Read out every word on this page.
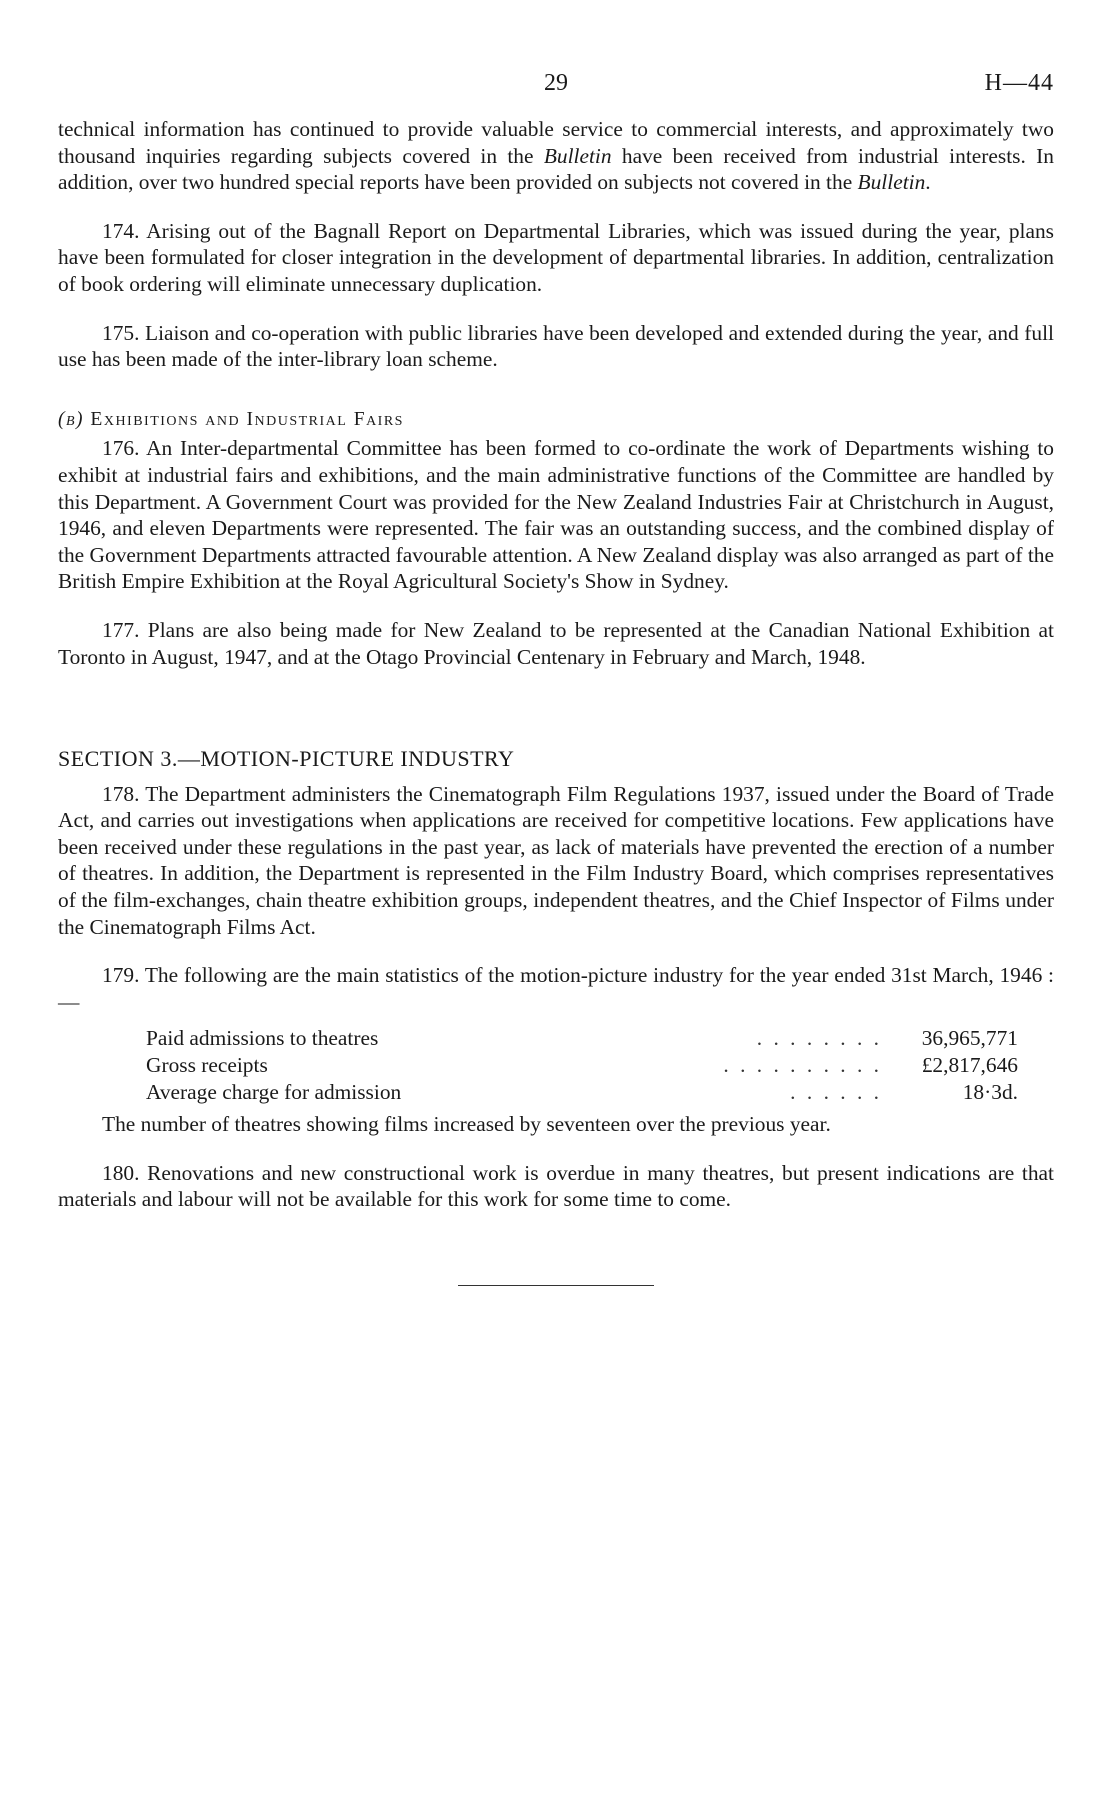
29	H—44

technical information has continued to provide valuable service to commercial interests, and approximately two thousand inquiries regarding subjects covered in the Bulletin have been received from industrial interests. In addition, over two hundred special reports have been provided on subjects not covered in the Bulletin.

174. Arising out of the Bagnall Report on Departmental Libraries, which was issued during the year, plans have been formulated for closer integration in the development of departmental libraries. In addition, centralization of book ordering will eliminate unnecessary duplication.

175. Liaison and co-operation with public libraries have been developed and extended during the year, and full use has been made of the inter-library loan scheme.

(b) Exhibitions and Industrial Fairs

176. An Inter-departmental Committee has been formed to co-ordinate the work of Departments wishing to exhibit at industrial fairs and exhibitions, and the main administrative functions of the Committee are handled by this Department. A Government Court was provided for the New Zealand Industries Fair at Christchurch in August, 1946, and eleven Departments were represented. The fair was an outstanding success, and the combined display of the Government Departments attracted favourable attention. A New Zealand display was also arranged as part of the British Empire Exhibition at the Royal Agricultural Society's Show in Sydney.

177. Plans are also being made for New Zealand to be represented at the Canadian National Exhibition at Toronto in August, 1947, and at the Otago Provincial Centenary in February and March, 1948.

SECTION 3.—MOTION-PICTURE INDUSTRY

178. The Department administers the Cinematograph Film Regulations 1937, issued under the Board of Trade Act, and carries out investigations when applications are received for competitive locations. Few applications have been received under these regulations in the past year, as lack of materials have prevented the erection of a number of theatres. In addition, the Department is represented in the Film Industry Board, which comprises representatives of the film-exchanges, chain theatre exhibition groups, independent theatres, and the Chief Inspector of Films under the Cinematograph Films Act.

179. The following are the main statistics of the motion-picture industry for the year ended 31st March, 1946 :—

Paid admissions to theatres	. . . . . . . .	36,965,771
Gross receipts	. . . . . . . . . .	£2,817,646
Average charge for admission	. . . . . .	18·3d.

The number of theatres showing films increased by seventeen over the previous year.

180. Renovations and new constructional work is overdue in many theatres, but present indications are that materials and labour will not be available for this work for some time to come.
